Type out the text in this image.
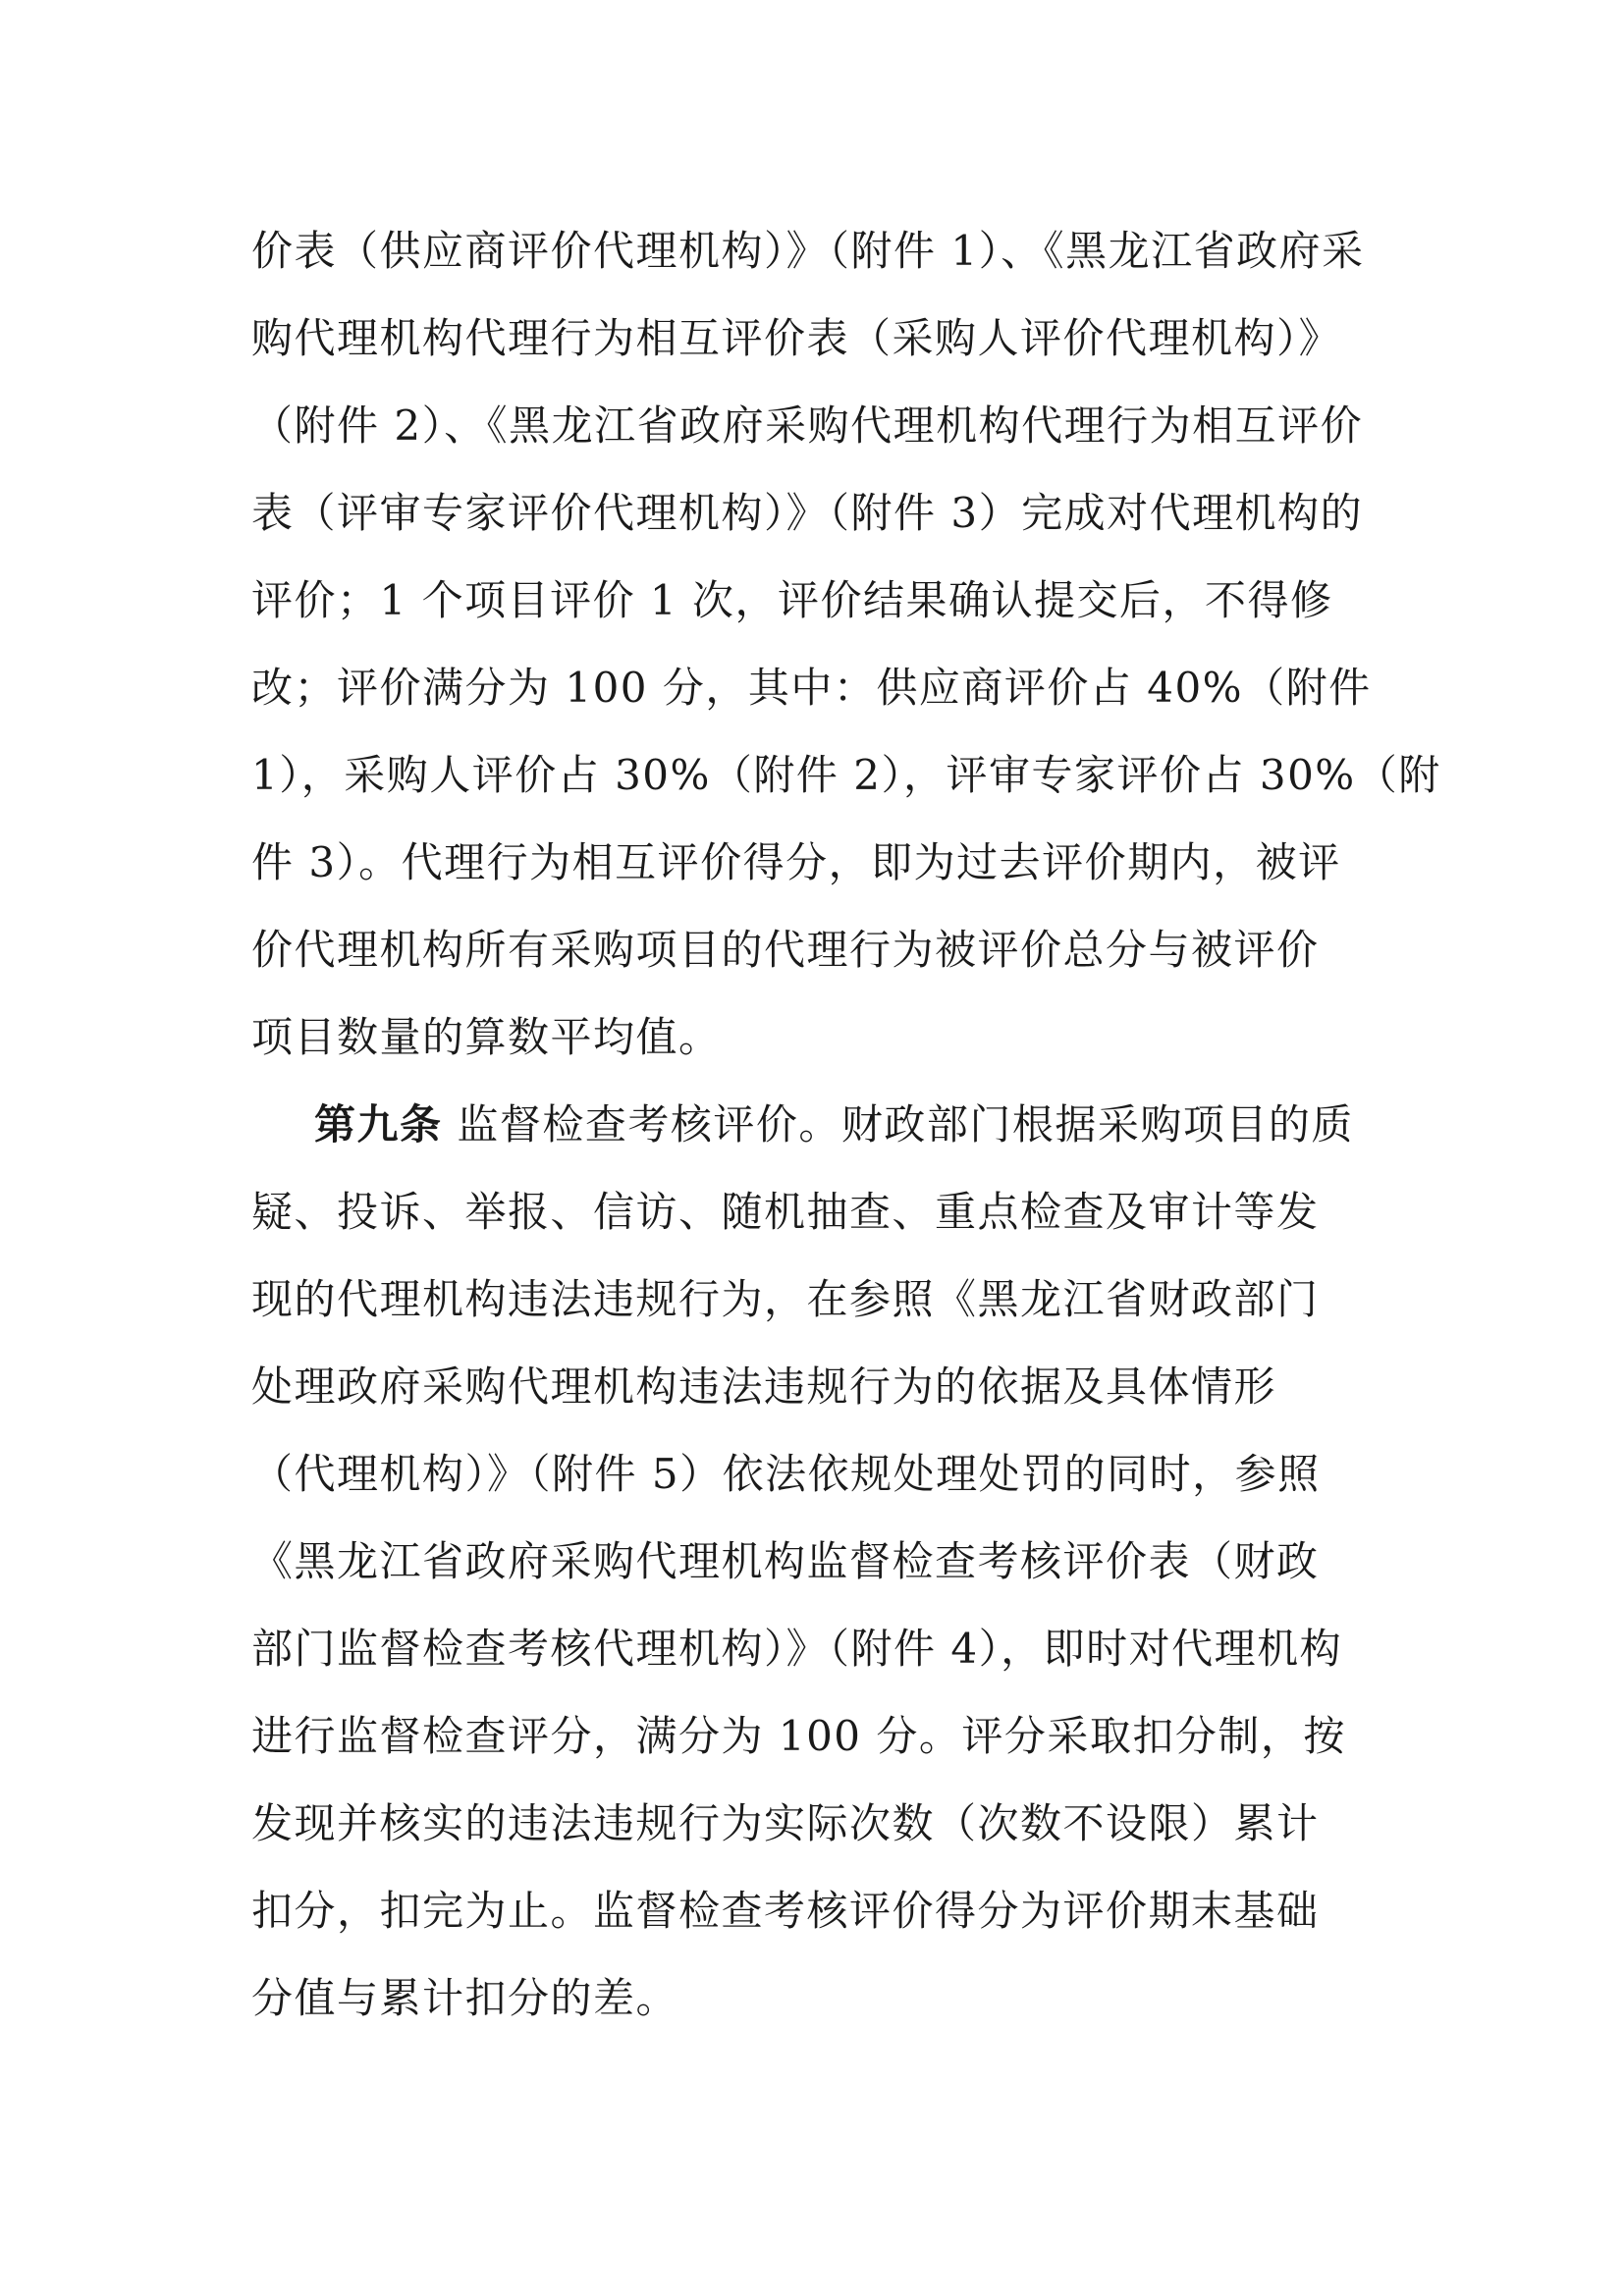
价表（供应商评价代理机构）》（附件 1）、《黑龙江省政府采
购代理机构代理行为相互评价表（采购人评价代理机构）》
（附件 2）、《黑龙江省政府采购代理机构代理行为相互评价
表（评审专家评价代理机构）》（附件 3）完成对代理机构的
评价；1 个项目评价 1 次，评价结果确认提交后，不得修
改；评价满分为 100 分，其中：供应商评价占 40%（附件
1），采购人评价占 30%（附件 2），评审专家评价占 30%（附
件 3）。代理行为相互评价得分，即为过去评价期内，被评
价代理机构所有采购项目的代理行为被评价总分与被评价
项目数量的算数平均值。
第九条 监督检查考核评价。财政部门根据采购项目的质
疑、投诉、举报、信访、随机抽查、重点检查及审计等发
现的代理机构违法违规行为，在参照《黑龙江省财政部门
处理政府采购代理机构违法违规行为的依据及具体情形
（代理机构）》（附件 5）依法依规处理处罚的同时，参照
《黑龙江省政府采购代理机构监督检查考核评价表（财政
部门监督检查考核代理机构）》（附件 4），即时对代理机构
进行监督检查评分，满分为 100 分。评分采取扣分制，按
发现并核实的违法违规行为实际次数（次数不设限）累计
扣分，扣完为止。监督检查考核评价得分为评价期末基础
分值与累计扣分的差。
